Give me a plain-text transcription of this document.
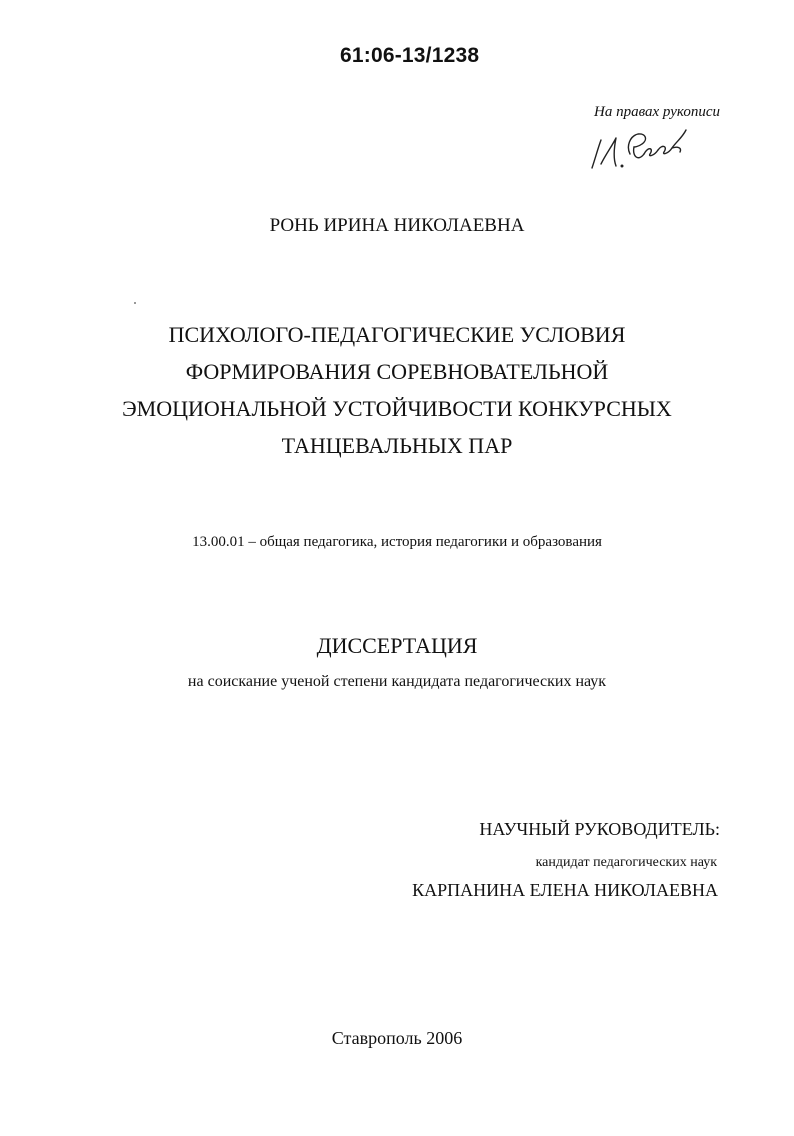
61:06-13/1238
На правах рукописи
РОНЬ ИРИНА НИКОЛАЕВНА
ПСИХОЛОГО-ПЕДАГОГИЧЕСКИЕ УСЛОВИЯ
ФОРМИРОВАНИЯ СОРЕВНОВАТЕЛЬНОЙ
ЭМОЦИОНАЛЬНОЙ УСТОЙЧИВОСТИ КОНКУРСНЫХ
ТАНЦЕВАЛЬНЫХ ПАР
13.00.01 – общая педагогика, история педагогики и образования
ДИССЕРТАЦИЯ
на соискание ученой степени кандидата педагогических наук
НАУЧНЫЙ РУКОВОДИТЕЛЬ:
кандидат педагогических наук
КАРПАНИНА ЕЛЕНА НИКОЛАЕВНА
Ставрополь 2006
